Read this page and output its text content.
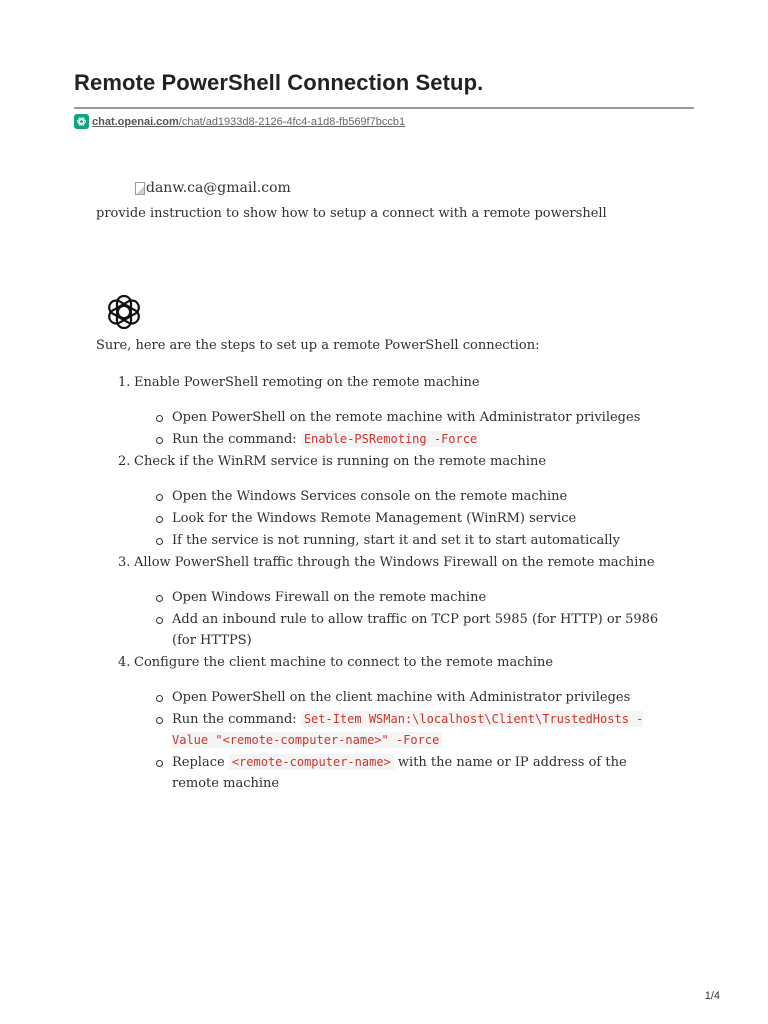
Remote PowerShell Connection Setup.
chat.openai.com/chat/ad1933d8-2126-4fc4-a1d8-fb569f7bccb1
danw.ca@gmail.com

provide instruction to show how to setup a connect with a remote powershell

Sure, here are the steps to set up a remote PowerShell connection:

1. Enable PowerShell remoting on the remote machine
Open PowerShell on the remote machine with Administrator privileges
Run the command: Enable-PSRemoting -Force
2. Check if the WinRM service is running on the remote machine
Open the Windows Services console on the remote machine
Look for the Windows Remote Management (WinRM) service
If the service is not running, start it and set it to start automatically
3. Allow PowerShell traffic through the Windows Firewall on the remote machine
Open Windows Firewall on the remote machine
Add an inbound rule to allow traffic on TCP port 5985 (for HTTP) or 5986 (for HTTPS)
4. Configure the client machine to connect to the remote machine
Open PowerShell on the client machine with Administrator privileges
Run the command: Set-Item WSMan:\localhost\Client\TrustedHosts -Value "<remote-computer-name>" -Force
Replace <remote-computer-name> with the name or IP address of the remote machine
1/4
